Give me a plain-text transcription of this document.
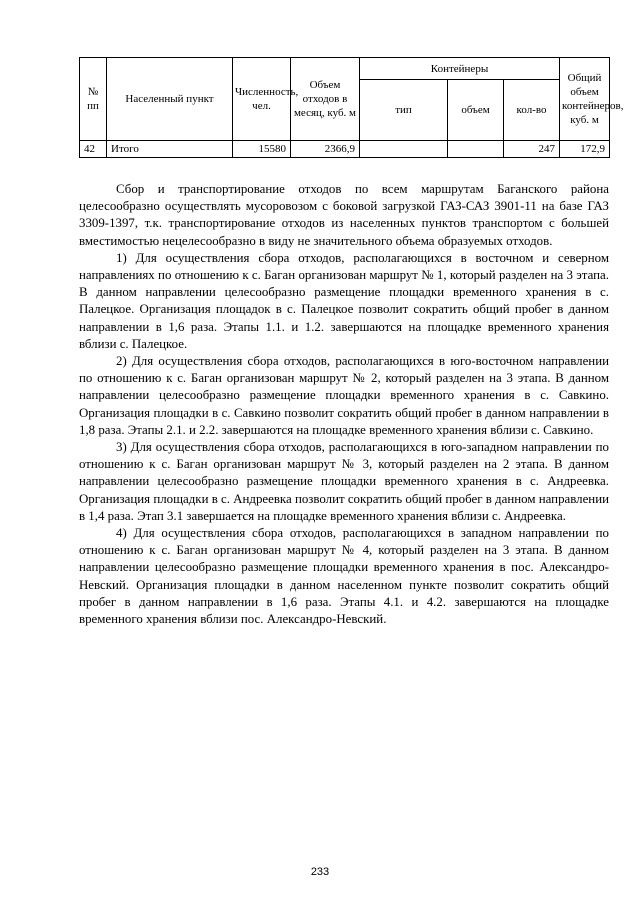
№ пп	Населенный пункт	Численность, чел.	Объем отходов в месяц, куб. м	Контейнеры			Общий объем контейнеров, куб. м
				тип	объем	кол-во	
42	Итого	15580	2366,9			247	172,9

Сбор и транспортирование отходов по всем маршрутам Баганского района целесообразно осуществлять мусоровозом с боковой загрузкой ГАЗ-САЗ 3901-11 на базе ГАЗ 3309-1397, т.к. транспортирование отходов из населенных пунктов транспортом с большей вместимостью нецелесообразно в виду не значительного объема образуемых отходов.

1) Для осуществления сбора отходов, располагающихся в восточном и северном направлениях по отношению к с. Баган организован маршрут № 1, который разделен на 3 этапа. В данном направлении целесообразно размещение площадки временного хранения в с. Палецкое. Организация площадок в с. Палецкое позволит сократить общий пробег в данном направлении в 1,6 раза. Этапы 1.1. и 1.2. завершаются на площадке временного хранения вблизи с. Палецкое.

2) Для осуществления сбора отходов, располагающихся в юго-восточном направлении по отношению к с. Баган организован маршрут № 2, который разделен на 3 этапа. В данном направлении целесообразно размещение площадки временного хранения в с. Савкино. Организация площадки в с. Савкино позволит сократить общий пробег в данном направлении в 1,8 раза. Этапы 2.1. и 2.2. завершаются на площадке временного хранения вблизи с. Савкино.

3) Для осуществления сбора отходов, располагающихся в юго-западном направлении по отношению к с. Баган организован маршрут № 3, который разделен на 2 этапа. В данном направлении целесообразно размещение площадки временного хранения в с. Андреевка. Организация площадки в с. Андреевка позволит сократить общий пробег в данном направлении в 1,4 раза. Этап 3.1 завершается на площадке временного хранения вблизи с. Андреевка.

4) Для осуществления сбора отходов, располагающихся в западном направлении по отношению к с. Баган организован маршрут № 4, который разделен на 3 этапа. В данном направлении целесообразно размещение площадки временного хранения в пос. Александро-Невский. Организация площадки в данном населенном пункте позволит сократить общий пробег в данном направлении в 1,6 раза. Этапы 4.1. и 4.2. завершаются на площадке временного хранения вблизи пос. Александро-Невский.

233
